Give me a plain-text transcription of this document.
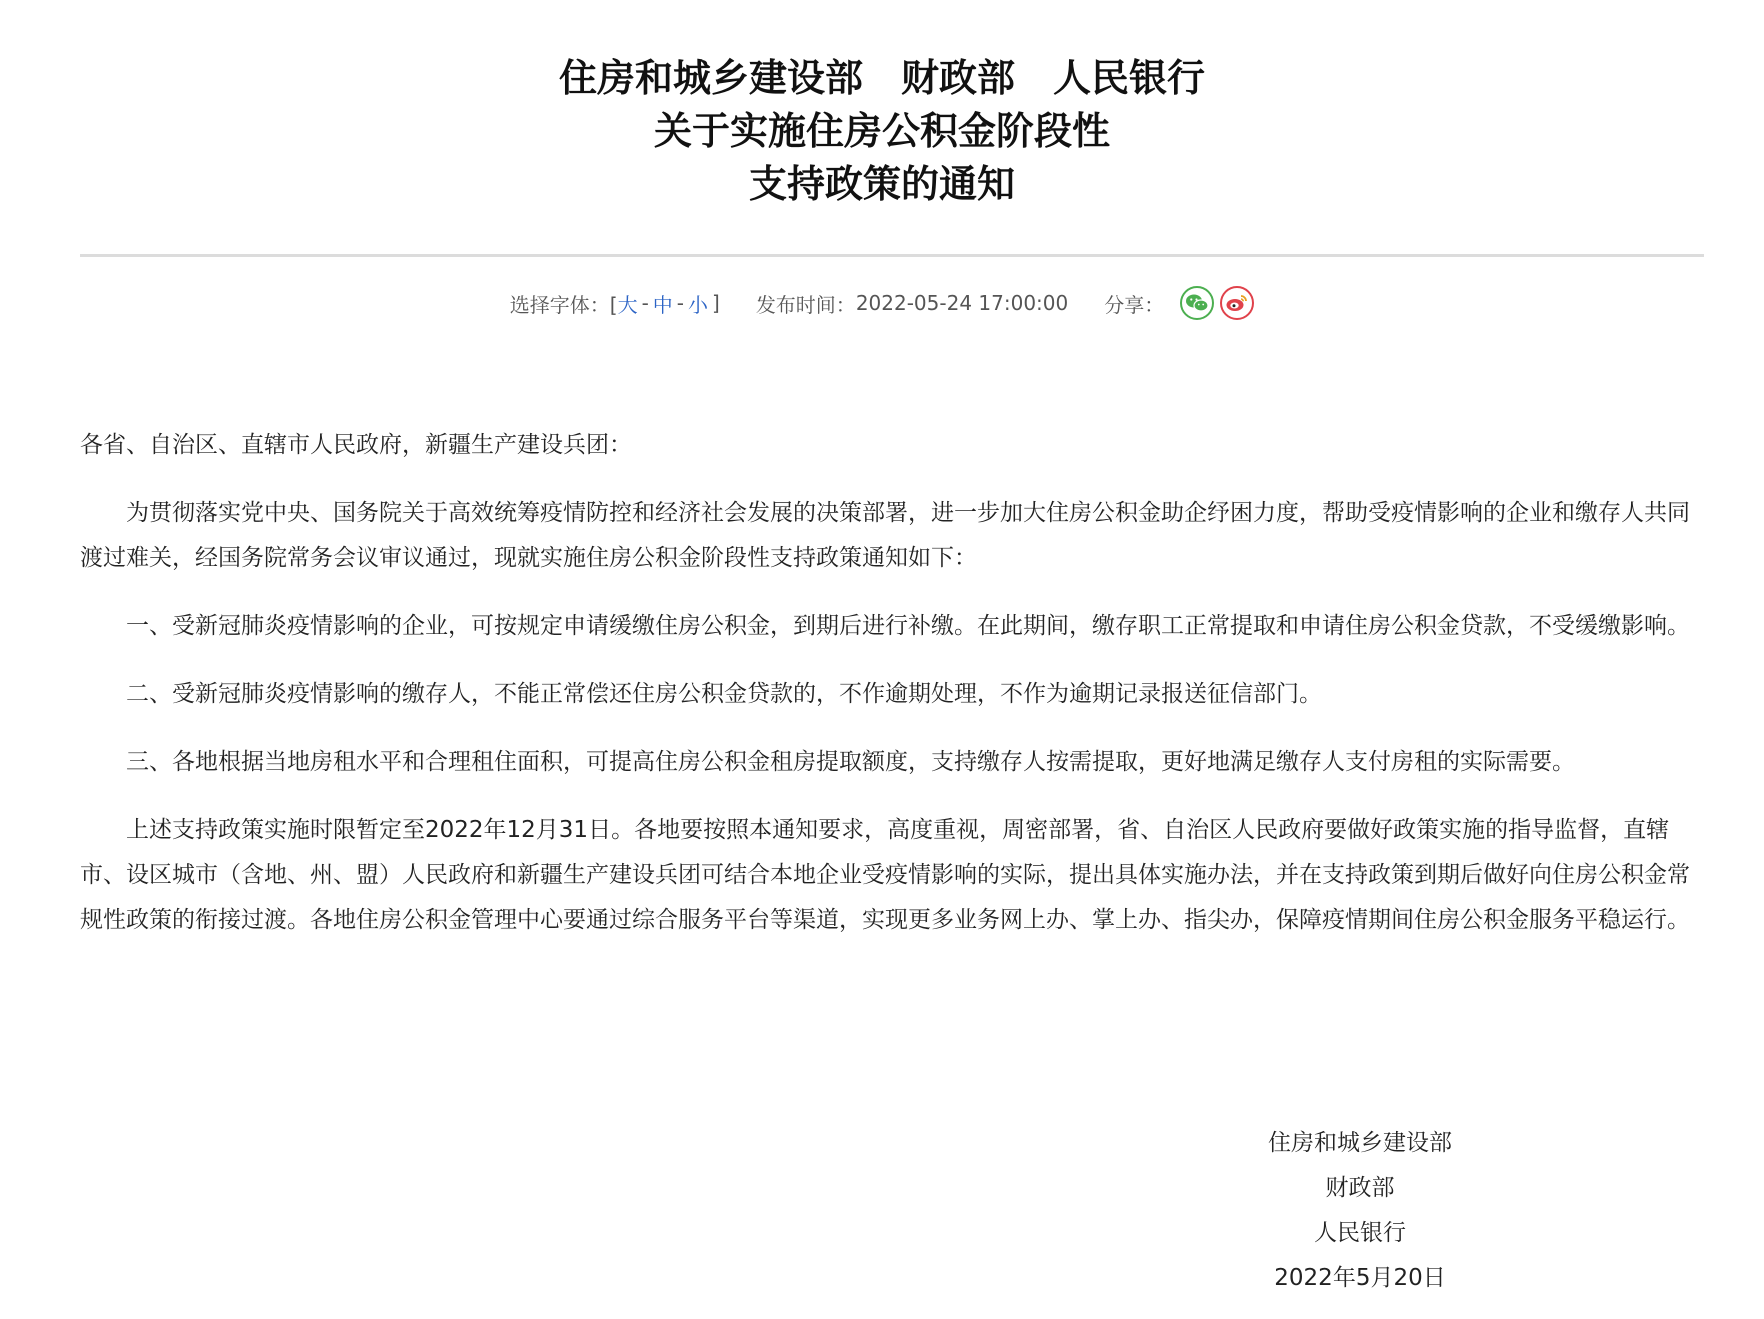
住房和城乡建设部　财政部　人民银行
关于实施住房公积金阶段性
支持政策的通知
选择字体：[ 大 - 中 - 小 ] 发布时间： 2022-05-24 17:00:00 分享：

各省、自治区、直辖市人民政府，新疆生产建设兵团：

为贯彻落实党中央、国务院关于高效统筹疫情防控和经济社会发展的决策部署，进一步加大住房公积金助企纾困力度，帮助受疫情影响的企业和缴存人共同渡过难关，经国务院常务会议审议通过，现就实施住房公积金阶段性支持政策通知如下：

一、受新冠肺炎疫情影响的企业，可按规定申请缓缴住房公积金，到期后进行补缴。在此期间，缴存职工正常提取和申请住房公积金贷款，不受缓缴影响。

二、受新冠肺炎疫情影响的缴存人，不能正常偿还住房公积金贷款的，不作逾期处理，不作为逾期记录报送征信部门。

三、各地根据当地房租水平和合理租住面积，可提高住房公积金租房提取额度，支持缴存人按需提取，更好地满足缴存人支付房租的实际需要。

上述支持政策实施时限暂定至2022年12月31日。各地要按照本通知要求，高度重视，周密部署，省、自治区人民政府要做好政策实施的指导监督，直辖市、设区城市（含地、州、盟）人民政府和新疆生产建设兵团可结合本地企业受疫情影响的实际，提出具体实施办法，并在支持政策到期后做好向住房公积金常规性政策的衔接过渡。各地住房公积金管理中心要通过综合服务平台等渠道，实现更多业务网上办、掌上办、指尖办，保障疫情期间住房公积金服务平稳运行。

住房和城乡建设部
财政部
人民银行
2022年5月20日
